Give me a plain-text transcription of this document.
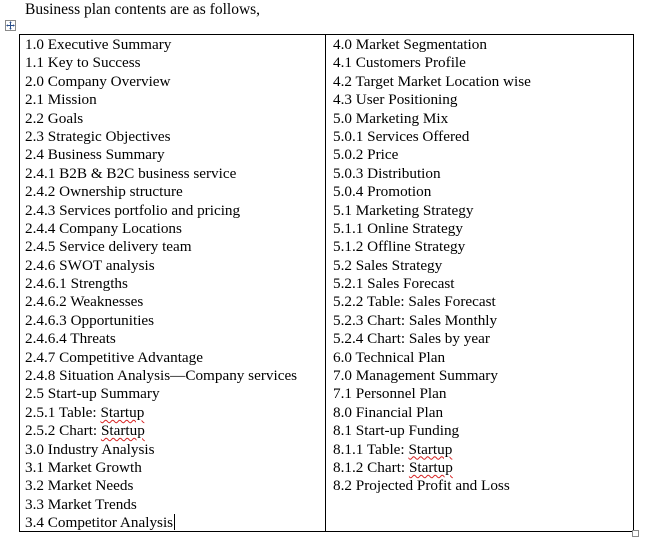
Business plan contents are as follows,
1.0 Executive Summary
1.1 Key to Success
2.0 Company Overview
2.1 Mission
2.2 Goals
2.3 Strategic Objectives
2.4 Business Summary
2.4.1 B2B & B2C business service
2.4.2 Ownership structure
2.4.3 Services portfolio and pricing
2.4.4 Company Locations
2.4.5 Service delivery team
2.4.6 SWOT analysis
2.4.6.1 Strengths
2.4.6.2 Weaknesses
2.4.6.3 Opportunities
2.4.6.4 Threats
2.4.7 Competitive Advantage
2.4.8 Situation Analysis—Company services
2.5 Start-up Summary
2.5.1 Table: Startup
2.5.2 Chart: Startup
3.0 Industry Analysis
3.1 Market Growth
3.2 Market Needs
3.3 Market Trends
3.4 Competitor Analysis
4.0 Market Segmentation
4.1 Customers Profile
4.2 Target Market Location wise
4.3 User Positioning
5.0 Marketing Mix
5.0.1 Services Offered
5.0.2 Price
5.0.3 Distribution
5.0.4 Promotion
5.1 Marketing Strategy
5.1.1 Online Strategy
5.1.2 Offline Strategy
5.2 Sales Strategy
5.2.1 Sales Forecast
5.2.2 Table: Sales Forecast
5.2.3 Chart: Sales Monthly
5.2.4 Chart: Sales by year
6.0 Technical Plan
7.0 Management Summary
7.1 Personnel Plan
8.0 Financial Plan
8.1 Start-up Funding
8.1.1 Table: Startup
8.1.2 Chart: Startup
8.2 Projected Profit and Loss
